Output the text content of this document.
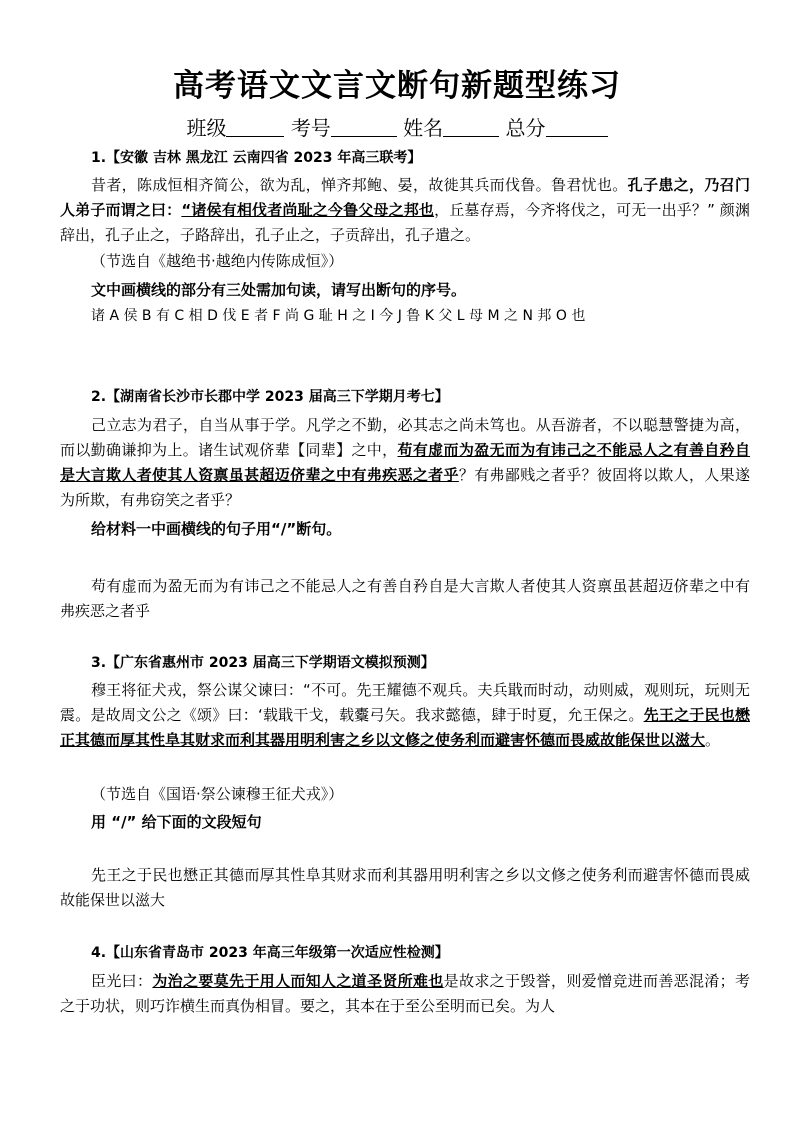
高考语文文言文断句新题型练习
班级	考号	姓名	总分
1.【安徽 吉林 黑龙江 云南四省 2023 年高三联考】
昔者，陈成恒相齐简公，欲为乱，惮齐邦鲍、晏，故徙其兵而伐鲁。鲁君忧也。孔子患之，乃召门人弟子而谓之曰：“诸侯有相伐者尚耻之今鲁父母之邦也，丘墓存焉，今齐将伐之，可无一出乎？” 颜渊辞出，孔子止之，子路辞出，孔子止之，子贡辞出，孔子遣之。
（节选自《越绝书·越绝内传陈成恒》）
文中画横线的部分有三处需加句读，请写出断句的序号。
诸 A 侯 B 有 C 相 D 伐 E 者 F 尚 G 耻 H 之 I 今 J 鲁 K 父 L 母 M 之 N 邦 O 也
2.【湖南省长沙市长郡中学 2023 届高三下学期月考七】
己立志为君子，自当从事于学。凡学之不勤，必其志之尚未笃也。从吾游者，不以聪慧警捷为高，而以勤确谦抑为上。诸生试观侪辈【同辈】之中，苟有虚而为盈无而为有讳己之不能忌人之有善自矜自是大言欺人者使其人资禀虽甚超迈侪辈之中有弗疾恶之者乎？有弗鄙贱之者乎？彼固将以欺人，人果遂为所欺，有弗窃笑之者乎？
给材料一中画横线的句子用“/”断句。
苟有虚而为盈无而为有讳己之不能忌人之有善自矜自是大言欺人者使其人资禀虽甚超迈侪辈之中有弗疾恶之者乎
3.【广东省惠州市 2023 届高三下学期语文模拟预测】
穆王将征犬戎，祭公谋父谏曰：“不可。先王耀德不观兵。夫兵戢而时动，动则威，观则玩，玩则无震。是故周文公之《颂》曰：‘载戢干戈，载櫜弓矢。我求懿德，肆于时夏，允王保之。先王之于民也懋正其德而厚其性阜其财求而利其器用明利害之乡以文修之使务利而避害怀德而畏威故能保世以滋大。
（节选自《国语·祭公谏穆王征犬戎》）
用 “/” 给下面的文段短句
先王之于民也懋正其德而厚其性阜其财求而利其器用明利害之乡以文修之使务利而避害怀德而畏威故能保世以滋大
4.【山东省青岛市 2023 年高三年级第一次适应性检测】
臣光曰：为治之要莫先于用人而知人之道圣贤所难也是故求之于毁誉，则爱憎竞进而善恶混淆；考之于功状，则巧诈横生而真伪相冒。要之，其本在于至公至明而已矣。为人
